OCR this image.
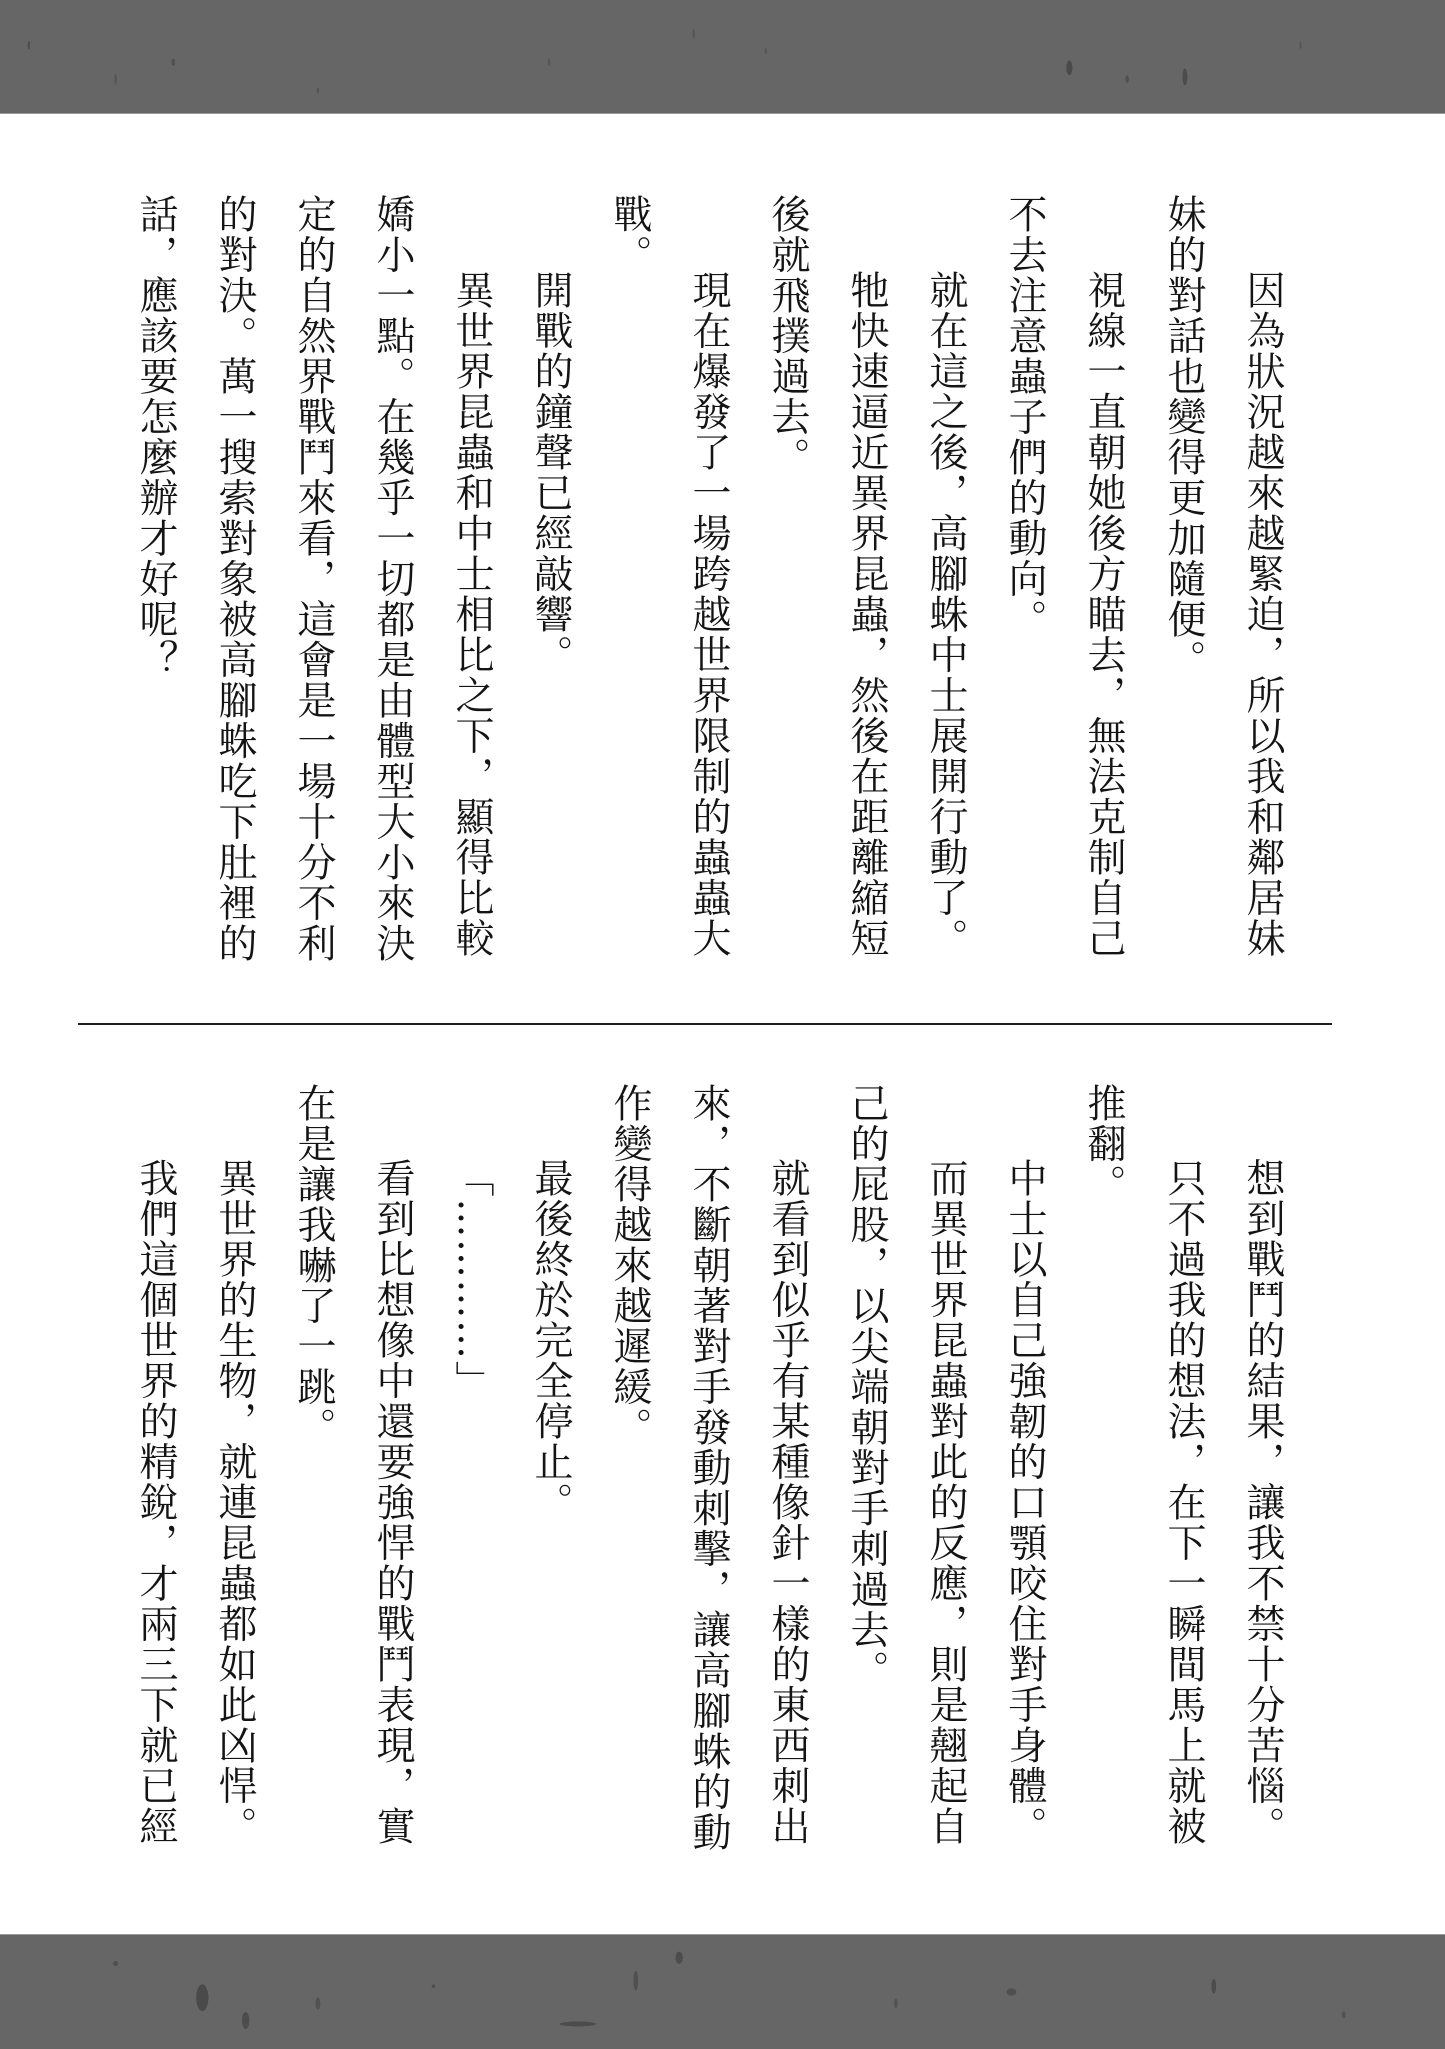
因為狀況越來越緊迫，所以我和鄰居妹
妹的對話也變得更加隨便。
視線一直朝她後方瞄去，無法克制自己
不去注意蟲子們的動向。
就在這之後，高腳蛛中士展開行動了。
牠快速逼近異界昆蟲，然後在距離縮短
後就飛撲過去。
現在爆發了一場跨越世界限制的蟲蟲大
戰。
開戰的鐘聲已經敲響。
異世界昆蟲和中士相比之下，顯得比較
嬌小一點。在幾乎一切都是由體型大小來決
定的自然界戰鬥來看，這會是一場十分不利
的對決。萬一搜索對象被高腳蛛吃下肚裡的
話，應該要怎麼辦才好呢？
想到戰鬥的結果，讓我不禁十分苦惱。
只不過我的想法，在下一瞬間馬上就被
推翻。
中士以自己強韌的口顎咬住對手身體。
而異世界昆蟲對此的反應，則是翹起自
己的屁股，以尖端朝對手刺過去。
就看到似乎有某種像針一樣的東西刺出
來，不斷朝著對手發動刺擊，讓高腳蛛的動
作變得越來越遲緩。
最後終於完全停止。
「…………」
看到比想像中還要強悍的戰鬥表現，實
在是讓我嚇了一跳。
異世界的生物，就連昆蟲都如此凶悍。
我們這個世界的精銳，才兩三下就已經
